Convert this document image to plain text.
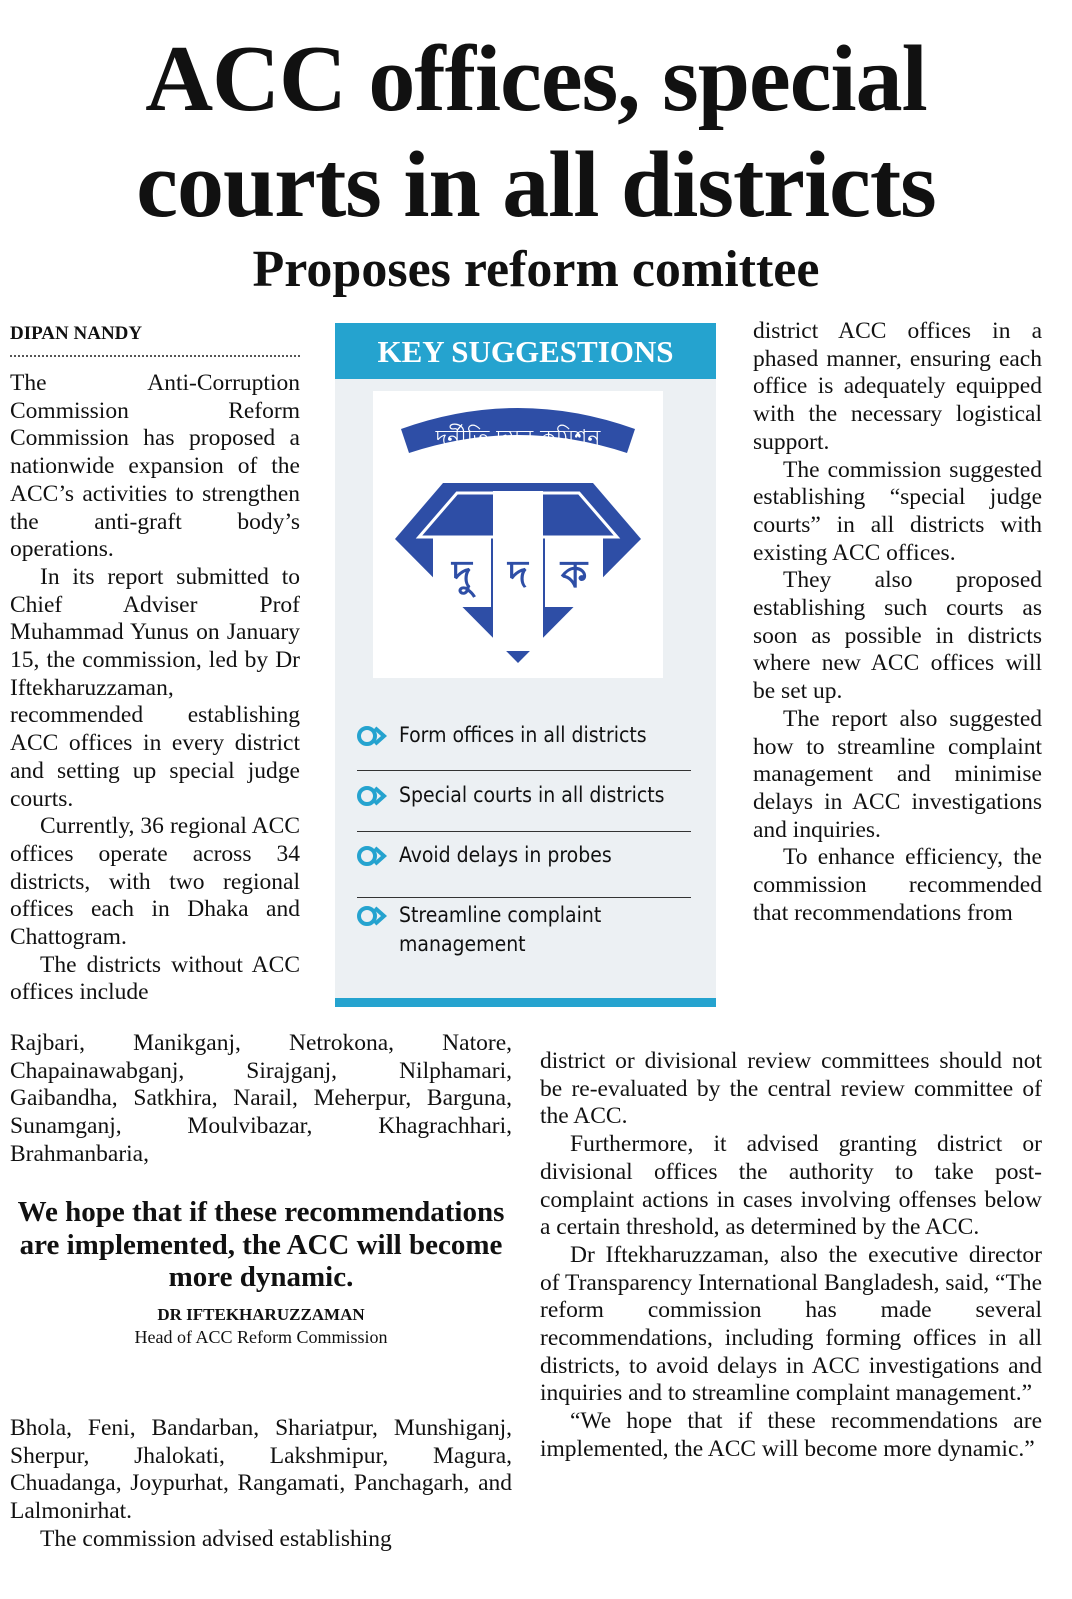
ACC offices, special
courts in all districts
Proposes reform comittee
DIPAN NANDY

The Anti-Corruption Commission Reform Commission has proposed a nationwide expansion of the ACC’s activities to strengthen the anti-graft body’s operations.

In its report submitted to Chief Adviser Prof Muhammad Yunus on January 15, the commission, led by Dr Iftekharuzzaman, recommended establishing ACC offices in every district and setting up special judge courts.

Currently, 36 regional ACC offices operate across 34 districts, with two regional offices each in Dhaka and Chattogram.

The districts without ACC offices include

Rajbari, Manikganj, Netrokona, Natore, Chapainawabganj, Sirajganj, Nilphamari, Gaibandha, Satkhira, Narail, Meherpur, Barguna, Sunamganj, Moulvibazar, Khagrachhari, Brahmanbaria,

KEY SUGGESTIONS
দুর্নীতি দমন কমিশন
দু দ ক
Form offices in all districts
Special courts in all districts
Avoid delays in probes
Streamline complaint management

district ACC offices in a phased manner, ensuring each office is adequately equipped with the necessary logistical support.

The commission suggested establishing “special judge courts” in all districts with existing ACC offices.

They also proposed establishing such courts as soon as possible in districts where new ACC offices will be set up.

The report also suggested how to streamline complaint management and minimise delays in ACC investigations and inquiries.

To enhance efficiency, the commission recommended that recommendations from

district or divisional review committees should not be re-evaluated by the central review committee of the ACC.

Furthermore, it advised granting district or divisional offices the authority to take post-complaint actions in cases involving offenses below a certain threshold, as determined by the ACC.

Dr Iftekharuzzaman, also the executive director of Transparency International Bangladesh, said, “The reform commission has made several recommendations, including forming offices in all districts, to avoid delays in ACC investigations and inquiries and to streamline complaint management.”

“We hope that if these recommendations are implemented, the ACC will become more dynamic.”

We hope that if these recommendations are implemented, the ACC will become more dynamic.

DR IFTEKHARUZZAMAN
Head of ACC Reform Commission

Bhola, Feni, Bandarban, Shariatpur, Munshiganj, Sherpur, Jhalokati, Lakshmipur, Magura, Chuadanga, Joypurhat, Rangamati, Panchagarh, and Lalmonirhat.

The commission advised establishing
